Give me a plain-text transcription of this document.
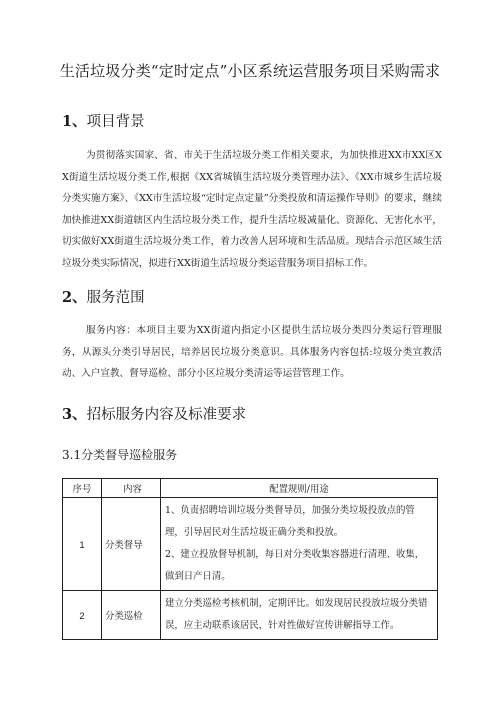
生活垃圾分类“定时定点”小区系统运营服务项目采购需求
1、项目背景
为贯彻落实国家、省、市关于生活垃圾分类工作相关要求，为加快推进XX市XX区XX街道生活垃圾分类工作,根据《XX省城镇生活垃圾分类管理办法》、《XX市城乡生活垃圾分类实施方案》、《XX市生活垃圾“定时定点定量”分类投放和清运操作导则》的要求，继续加快推进XX街道辖区内生活垃圾分类工作，提升生活垃圾减量化、资源化、无害化水平，切实做好XX街道生活垃圾分类工作，着力改善人居环境和生活品质。现结合示范区域生活垃圾分类实际情况，拟进行XX街道生活垃圾分类运营服务项目招标工作。
2、服务范围
服务内容：本项目主要为XX街道内指定小区提供生活垃圾分类四分类运行管理服务，从源头分类引导居民，培养居民垃圾分类意识。具体服务内容包括:垃圾分类宣教活动、入户宣教、督导巡检、部分小区垃圾分类清运等运营管理工作。
3、招标服务内容及标准要求
3.1分类督导巡检服务
序号	内容	配置规则/用途
1	分类督导	1、负责招聘培训垃圾分类督导员，加强分类垃圾投放点的管理，引导居民对生活垃圾正确分类和投放。

2、建立投放督导机制，每日对分类收集容器进行清理、收集，做到日产日清。

2	分类巡检	建立分类巡检考核机制，定期评比。如发现居民投放垃圾分类错误，应主动联系该居民，针对性做好宣传讲解指导工作。
